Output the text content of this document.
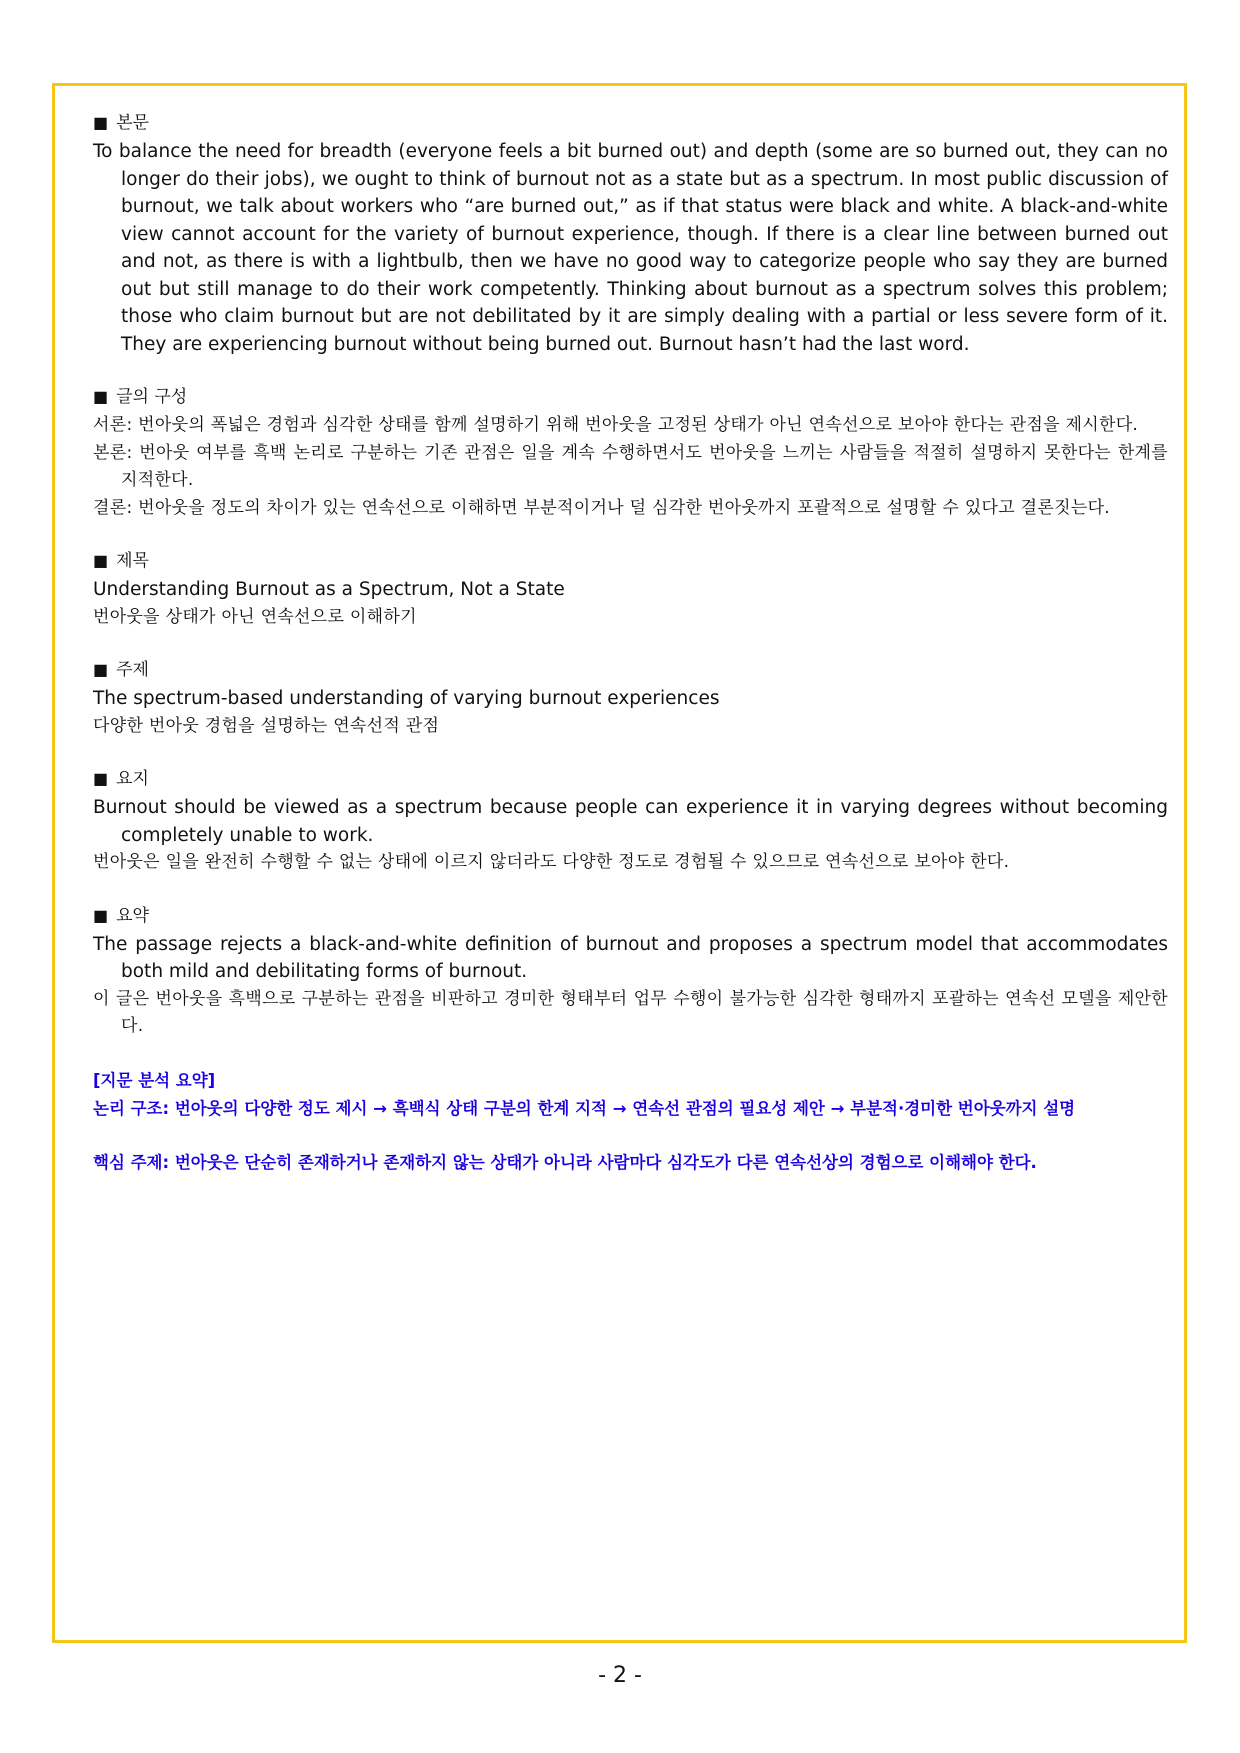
■ 본문
To balance the need for breadth (everyone feels a bit burned out) and depth (some are so burned out, they can no longer do their jobs), we ought to think of burnout not as a state but as a spectrum. In most public discussion of burnout, we talk about workers who “are burned out,” as if that status were black and white. A black-and-white view cannot account for the variety of burnout experience, though. If there is a clear line between burned out and not, as there is with a lightbulb, then we have no good way to categorize people who say they are burned out but still manage to do their work competently. Thinking about burnout as a spectrum solves this problem; those who claim burnout but are not debilitated by it are simply dealing with a partial or less severe form of it. They are experiencing burnout without being burned out. Burnout hasn’t had the last word.
■ 글의 구성
서론: 번아웃의 폭넓은 경험과 심각한 상태를 함께 설명하기 위해 번아웃을 고정된 상태가 아닌 연속선으로 보아야 한다는 관점을 제시한다.
본론: 번아웃 여부를 흑백 논리로 구분하는 기존 관점은 일을 계속 수행하면서도 번아웃을 느끼는 사람들을 적절히 설명하지 못한다는 한계를 지적한다.
결론: 번아웃을 정도의 차이가 있는 연속선으로 이해하면 부분적이거나 덜 심각한 번아웃까지 포괄적으로 설명할 수 있다고 결론짓는다.
■ 제목
Understanding Burnout as a Spectrum, Not a State
번아웃을 상태가 아닌 연속선으로 이해하기
■ 주제
The spectrum-based understanding of varying burnout experiences
다양한 번아웃 경험을 설명하는 연속선적 관점
■ 요지
Burnout should be viewed as a spectrum because people can experience it in varying degrees without becoming completely unable to work.
번아웃은 일을 완전히 수행할 수 없는 상태에 이르지 않더라도 다양한 정도로 경험될 수 있으므로 연속선으로 보아야 한다.
■ 요약
The passage rejects a black-and-white definition of burnout and proposes a spectrum model that accommodates both mild and debilitating forms of burnout.
이 글은 번아웃을 흑백으로 구분하는 관점을 비판하고 경미한 형태부터 업무 수행이 불가능한 심각한 형태까지 포괄하는 연속선 모델을 제안한다.
[지문 분석 요약]
논리 구조: 번아웃의 다양한 정도 제시 → 흑백식 상태 구분의 한계 지적 → 연속선 관점의 필요성 제안 → 부분적·경미한 번아웃까지 설명
핵심 주제: 번아웃은 단순히 존재하거나 존재하지 않는 상태가 아니라 사람마다 심각도가 다른 연속선상의 경험으로 이해해야 한다.
- 2 -
